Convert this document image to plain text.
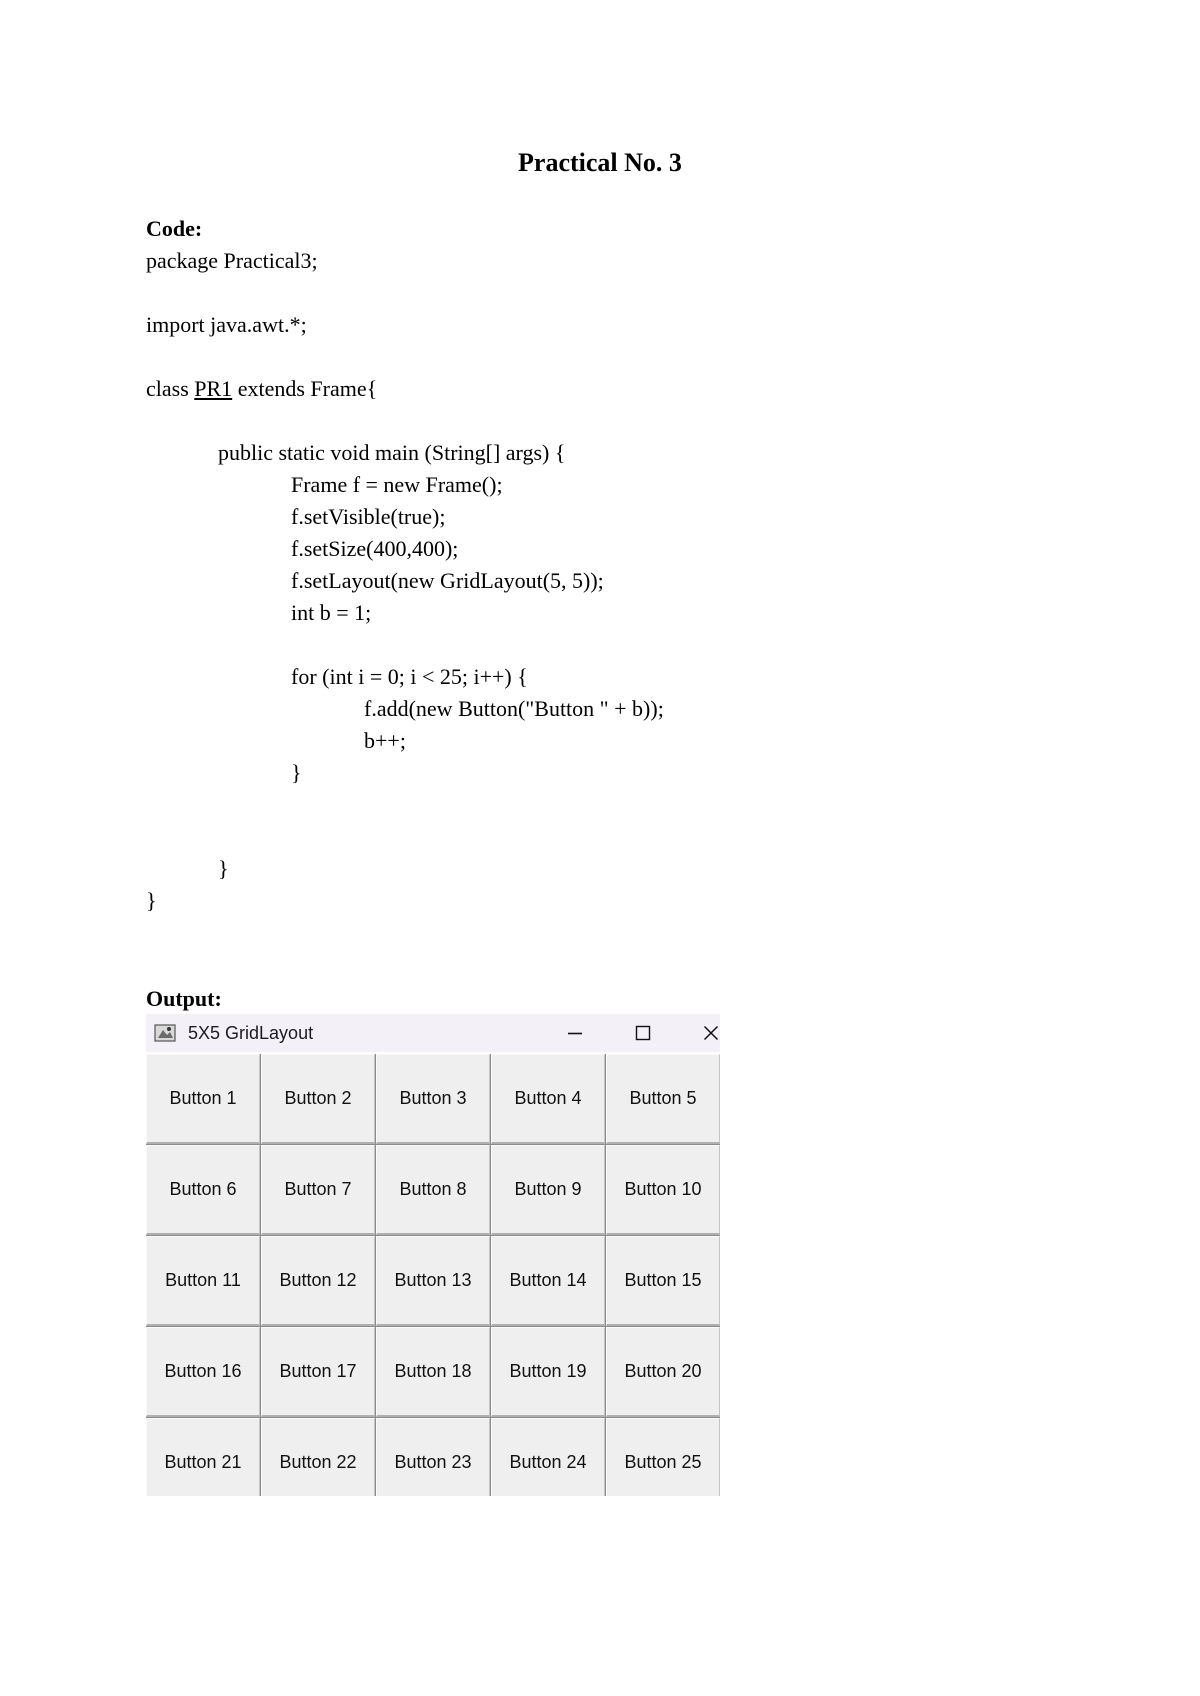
Practical No. 3
Code:
package Practical3;
import java.awt.*;
class PR1 extends Frame{
public static void main (String[] args) {
Frame f = new Frame();
f.setVisible(true);
f.setSize(400,400);
f.setLayout(new GridLayout(5, 5));
int b = 1;
for (int i = 0; i < 25; i++) {
f.add(new Button("Button " + b));
b++;
}
}
}
Output:
5X5 GridLayout
Button 1	Button 2	Button 3	Button 4	Button 5
Button 6	Button 7	Button 8	Button 9	Button 10
Button 11	Button 12	Button 13	Button 14	Button 15
Button 16	Button 17	Button 18	Button 19	Button 20
Button 21	Button 22	Button 23	Button 24	Button 25
